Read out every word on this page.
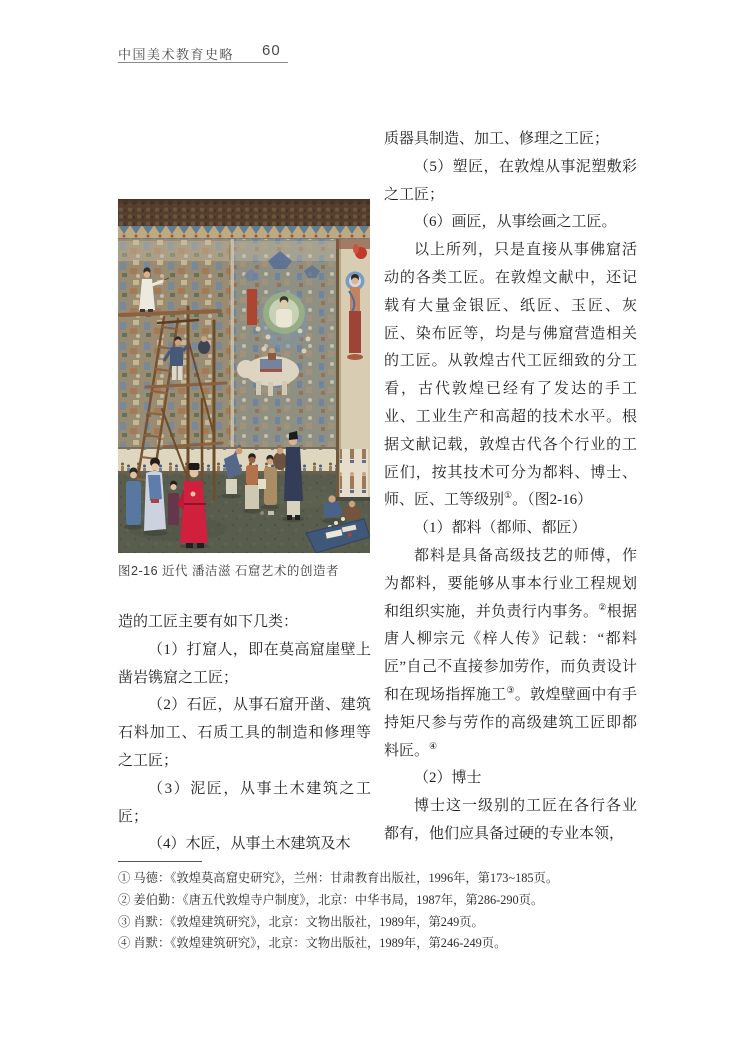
中国美术教育史略 60
图2-16 近代 潘洁滋 石窟艺术的创造者

造的工匠主要有如下几类：

（1）打窟人，即在莫高窟崖壁上凿岩镌窟之工匠；

（2）石匠，从事石窟开凿、建筑石料加工、石质工具的制造和修理等之工匠；

（3）泥匠，从事土木建筑之工匠；

（4）木匠，从事土木建筑及木

质器具制造、加工、修理之工匠；

（5）塑匠，在敦煌从事泥塑敷彩之工匠；

（6）画匠，从事绘画之工匠。

以上所列，只是直接从事佛窟活动的各类工匠。在敦煌文献中，还记载有大量金银匠、纸匠、玉匠、灰匠、染布匠等，均是与佛窟营造相关的工匠。从敦煌古代工匠细致的分工看，古代敦煌已经有了发达的手工业、工业生产和高超的技术水平。根据文献记载，敦煌古代各个行业的工匠们，按其技术可分为都料、博士、师、匠、工等级别①。（图2-16）

（1）都料（都师、都匠）

都料是具备高级技艺的师傅，作为都料，要能够从事本行业工程规划和组织实施，并负责行内事务。②根据唐人柳宗元《梓人传》记载：“都料匠”自己不直接参加劳作，而负责设计和在现场指挥施工③。敦煌壁画中有手持矩尺参与劳作的高级建筑工匠即都料匠。④

（2）博士

博士这一级别的工匠在各行各业都有，他们应具备过硬的专业本领，

① 马德：《敦煌莫高窟史研究》，兰州：甘肃教育出版社，1996年，第173~185页。

② 姜伯勤：《唐五代敦煌寺户制度》，北京：中华书局，1987年，第286-290页。

③ 肖默：《敦煌建筑研究》，北京：文物出版社，1989年，第249页。

④ 肖默：《敦煌建筑研究》，北京：文物出版社，1989年，第246-249页。
